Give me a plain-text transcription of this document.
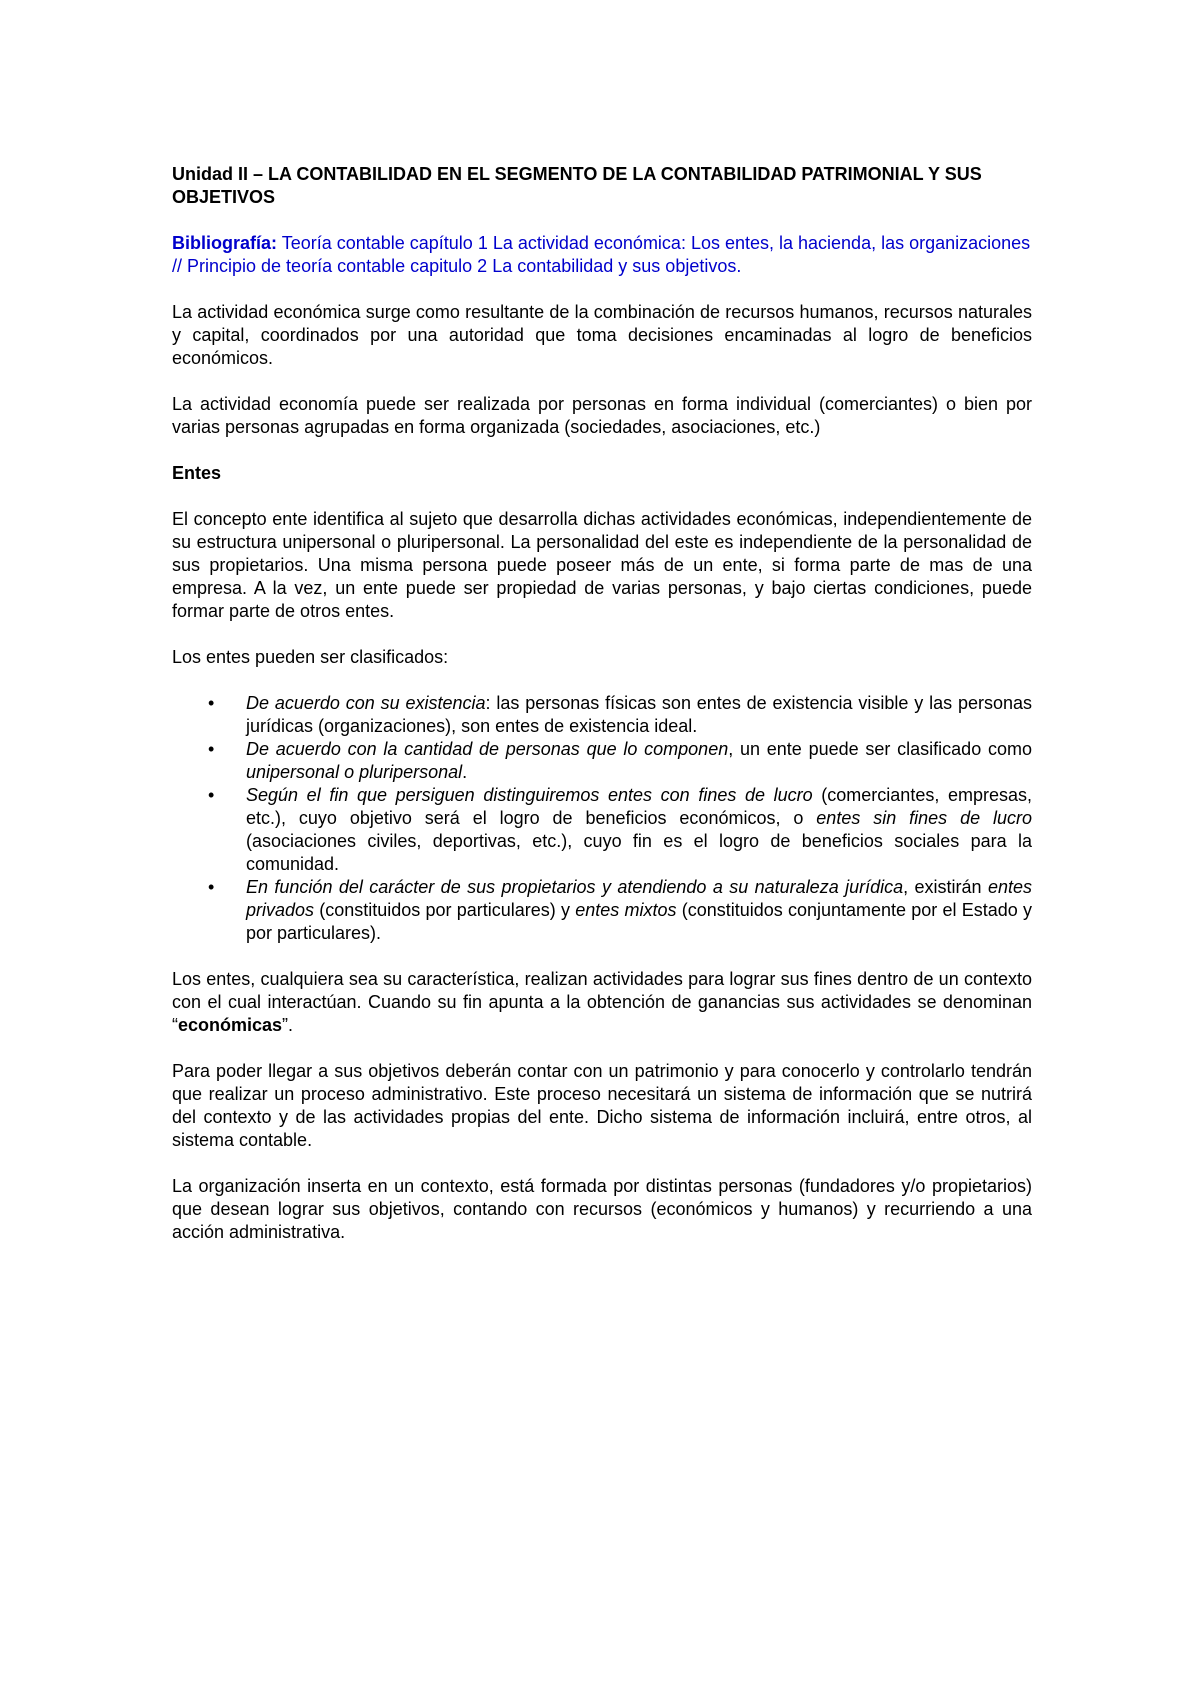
Unidad II – LA CONTABILIDAD EN EL SEGMENTO DE LA CONTABILIDAD PATRIMONIAL Y SUS OBJETIVOS

Bibliografía: Teoría contable capítulo 1 La actividad económica: Los entes, la hacienda, las organizaciones // Principio de teoría contable capitulo 2 La contabilidad y sus objetivos.

La actividad económica surge como resultante de la combinación de recursos humanos, recursos naturales y capital, coordinados por una autoridad que toma decisiones encaminadas al logro de beneficios económicos.

La actividad economía puede ser realizada por personas en forma individual (comerciantes) o bien por varias personas agrupadas en forma organizada (sociedades, asociaciones, etc.)

Entes

El concepto ente identifica al sujeto que desarrolla dichas actividades económicas, independientemente de su estructura unipersonal o pluripersonal. La personalidad del este es independiente de la personalidad de sus propietarios. Una misma persona puede poseer más de un ente, si forma parte de mas de una empresa. A la vez, un ente puede ser propiedad de varias personas, y bajo ciertas condiciones, puede formar parte de otros entes.

Los entes pueden ser clasificados:

• De acuerdo con su existencia: las personas físicas son entes de existencia visible y las personas jurídicas (organizaciones), son entes de existencia ideal.
• De acuerdo con la cantidad de personas que lo componen, un ente puede ser clasificado como unipersonal o pluripersonal.
• Según el fin que persiguen distinguiremos entes con fines de lucro (comerciantes, empresas, etc.), cuyo objetivo será el logro de beneficios económicos, o entes sin fines de lucro (asociaciones civiles, deportivas, etc.), cuyo fin es el logro de beneficios sociales para la comunidad.
• En función del carácter de sus propietarios y atendiendo a su naturaleza jurídica, existirán entes privados (constituidos por particulares) y entes mixtos (constituidos conjuntamente por el Estado y por particulares).

Los entes, cualquiera sea su característica, realizan actividades para lograr sus fines dentro de un contexto con el cual interactúan. Cuando su fin apunta a la obtención de ganancias sus actividades se denominan “económicas”.

Para poder llegar a sus objetivos deberán contar con un patrimonio y para conocerlo y controlarlo tendrán que realizar un proceso administrativo. Este proceso necesitará un sistema de información que se nutrirá del contexto y de las actividades propias del ente. Dicho sistema de información incluirá, entre otros, al sistema contable.

La organización inserta en un contexto, está formada por distintas personas (fundadores y/o propietarios) que desean lograr sus objetivos, contando con recursos (económicos y humanos) y recurriendo a una acción administrativa.
